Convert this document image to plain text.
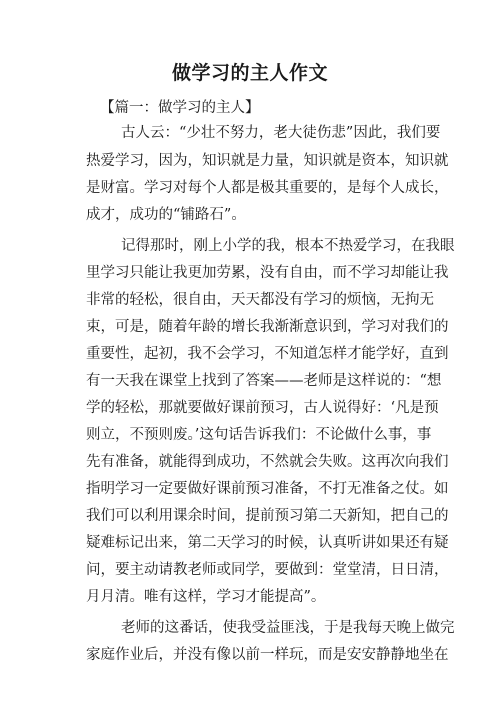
做学习的主人作文
【篇一：做学习的主人】
古人云：“少壮不努力，老大徒伤悲”因此，我们要
热爱学习，因为，知识就是力量，知识就是资本，知识就
是财富。学习对每个人都是极其重要的，是每个人成长，
成才，成功的“铺路石”。
记得那时，刚上小学的我，根本不热爱学习，在我眼
里学习只能让我更加劳累，没有自由，而不学习却能让我
非常的轻松，很自由，天天都没有学习的烦恼，无拘无
束，可是，随着年龄的增长我渐渐意识到，学习对我们的
重要性，起初，我不会学习，不知道怎样才能学好，直到
有一天我在课堂上找到了答案——老师是这样说的：“想
学的轻松，那就要做好课前预习，古人说得好：‘凡是预
则立，不预则废。’这句话告诉我们：不论做什么事，事
先有准备，就能得到成功，不然就会失败。这再次向我们
指明学习一定要做好课前预习准备，不打无准备之仗。如
我们可以利用课余时间，提前预习第二天新知，把自己的
疑难标记出来，第二天学习的时候，认真听讲如果还有疑
问，要主动请教老师或同学，要做到：堂堂清，日日清，
月月清。唯有这样，学习才能提高”。
老师的这番话，使我受益匪浅，于是我每天晚上做完
家庭作业后，并没有像以前一样玩，而是安安静静地坐在
